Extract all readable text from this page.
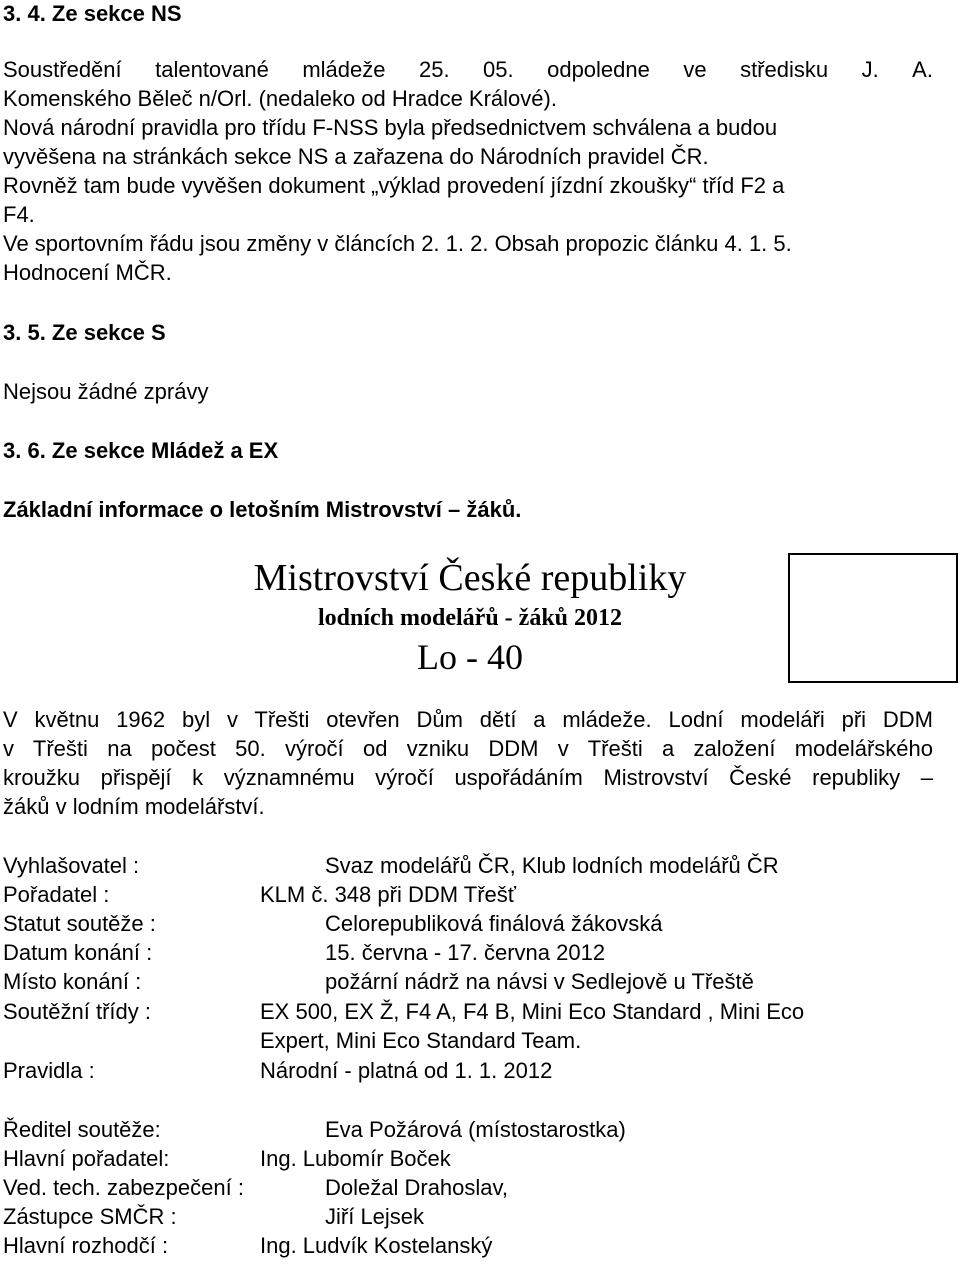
3. 4. Ze sekce NS
Soustředění talentované mládeže 25. 05. odpoledne ve středisku J. A.
Komenského Běleč n/Orl. (nedaleko od Hradce Králové).
Nová národní pravidla pro třídu F-NSS byla předsednictvem schválena a budou
vyvěšena na stránkách sekce NS a zařazena do Národních pravidel ČR.
Rovněž tam bude vyvěšen dokument „výklad provedení jízdní zkoušky“ tříd F2 a
F4.
Ve sportovním řádu jsou změny v článcích 2. 1. 2. Obsah propozic článku 4. 1. 5.
Hodnocení MČR.
3. 5. Ze sekce S
Nejsou žádné zprávy
3. 6. Ze sekce Mládež a EX
Základní informace o letošním Mistrovství – žáků.
Mistrovství České republiky
lodních modelářů - žáků 2012
Lo - 40
V květnu 1962 byl v Třešti otevřen Dům dětí a mládeže. Lodní modeláři při DDM
v Třešti na počest 50. výročí od vzniku DDM v Třešti a založení modelářského
kroužku přispějí k významnému výročí uspořádáním Mistrovství České republiky –
žáků v lodním modelářství.
Vyhlašovatel :	Svaz modelářů ČR, Klub lodních modelářů ČR
Pořadatel :	KLM č. 348 při DDM Třešť
Statut soutěže :	Celorepubliková finálová žákovská
Datum konání :	15. června - 17. června 2012
Místo konání :	požární nádrž na návsi v Sedlejově u Třeště
Soutěžní třídy :	EX 500, EX Ž, F4 A, F4 B, Mini Eco Standard , Mini Eco
Expert, Mini Eco Standard Team.
Pravidla :	Národní - platná od 1. 1. 2012
Ředitel soutěže:	Eva Požárová (místostarostka)
Hlavní pořadatel:	Ing. Lubomír Boček
Ved. tech. zabezpečení :	Doležal Drahoslav,
Zástupce SMČR :	Jiří Lejsek
Hlavní rozhodčí :	Ing. Ludvík Kostelanský
